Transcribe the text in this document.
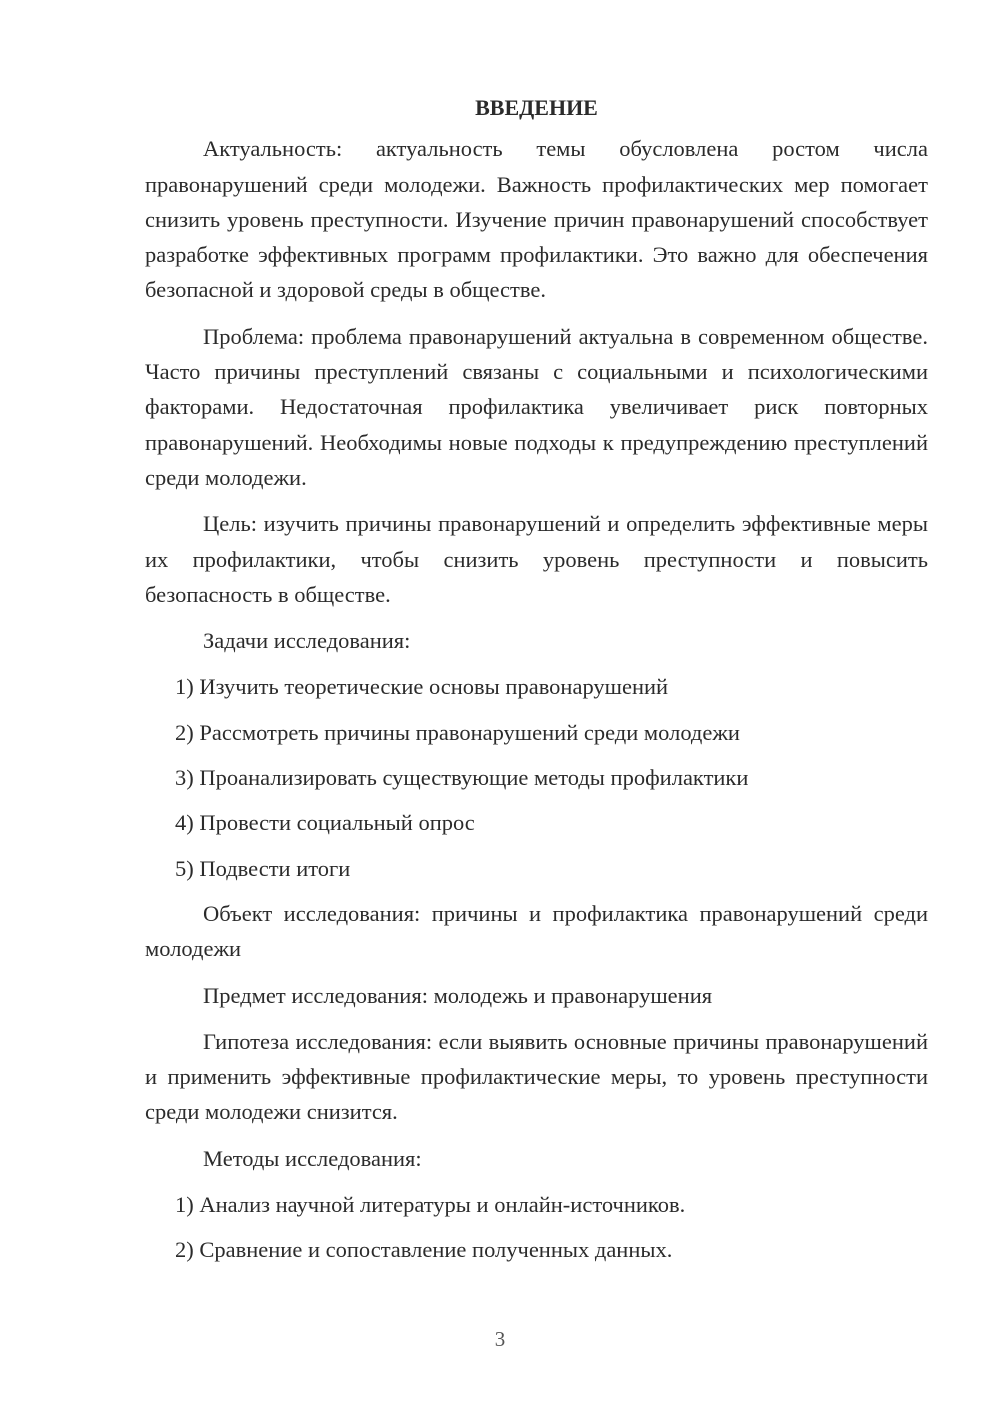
ВВЕДЕНИЕ

Актуальность: актуальность темы обусловлена ростом числа правонарушений среди молодежи. Важность профилактических мер помогает снизить уровень преступности. Изучение причин правонарушений способствует разработке эффективных программ профилактики. Это важно для обеспечения безопасной и здоровой среды в обществе.

Проблема: проблема правонарушений актуальна в современном обществе. Часто причины преступлений связаны с социальными и психологическими факторами. Недостаточная профилактика увеличивает риск повторных правонарушений. Необходимы новые подходы к предупреждению преступлений среди молодежи.

Цель: изучить причины правонарушений и определить эффективные меры их профилактики, чтобы снизить уровень преступности и повысить безопасность в обществе.

Задачи исследования:

1) Изучить теоретические основы правонарушений
2) Рассмотреть причины правонарушений среди молодежи
3) Проанализировать существующие методы профилактики
4) Провести социальный опрос
5) Подвести итоги

Объект исследования: причины и профилактика правонарушений среди молодежи

Предмет исследования: молодежь и правонарушения

Гипотеза исследования: если выявить основные причины правонарушений и применить эффективные профилактические меры, то уровень преступности среди молодежи снизится.

Методы исследования:

1) Анализ научной литературы и онлайн-источников.
2) Сравнение и сопоставление полученных данных.
3
